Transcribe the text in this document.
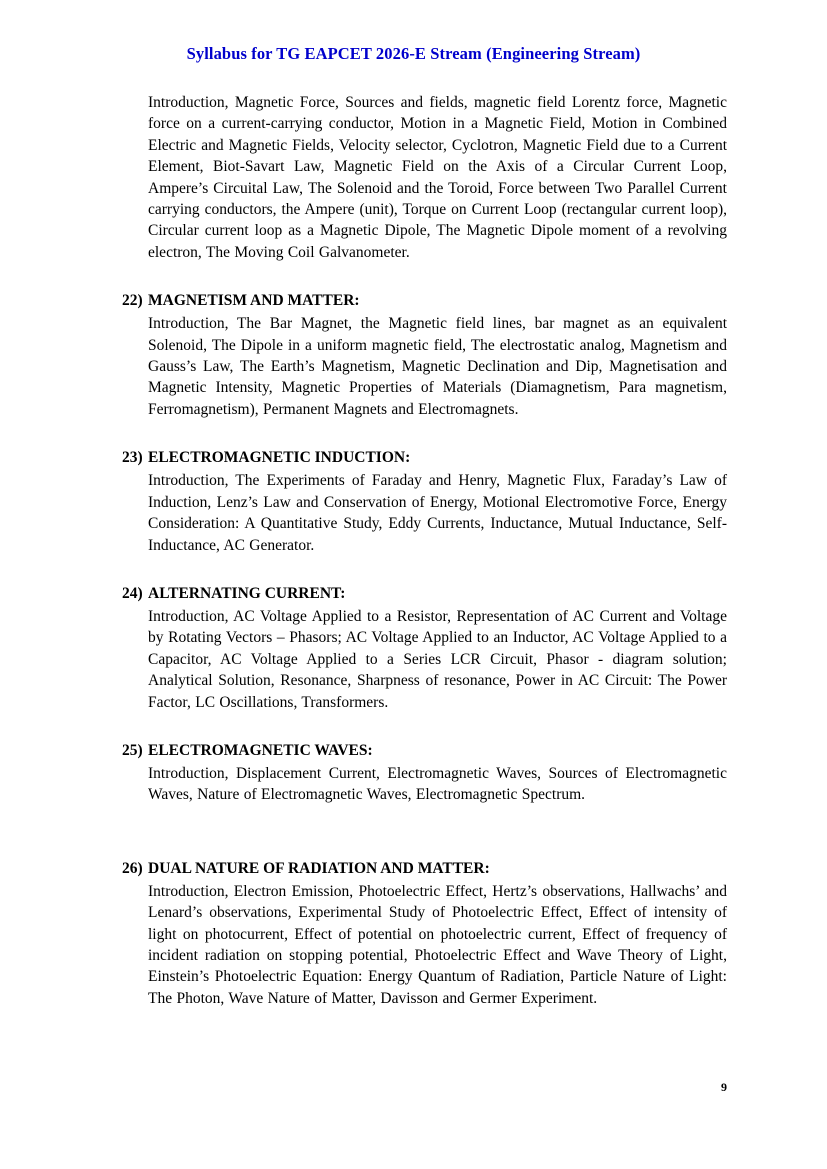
Syllabus for TG EAPCET 2026-E Stream (Engineering Stream)

Introduction, Magnetic Force, Sources and fields, magnetic field Lorentz force, Magnetic force on a current-carrying conductor, Motion in a Magnetic Field, Motion in Combined Electric and Magnetic Fields, Velocity selector, Cyclotron, Magnetic Field due to a Current Element, Biot-Savart Law, Magnetic Field on the Axis of a Circular Current Loop, Ampere’s Circuital Law, The Solenoid and the Toroid, Force between Two Parallel Current carrying conductors, the Ampere (unit), Torque on Current Loop (rectangular current loop), Circular current loop as a Magnetic Dipole, The Magnetic Dipole moment of a revolving electron, The Moving Coil Galvanometer.

22) MAGNETISM AND MATTER:

Introduction, The Bar Magnet, the Magnetic field lines, bar magnet as an equivalent Solenoid, The Dipole in a uniform magnetic field, The electrostatic analog, Magnetism and Gauss’s Law, The Earth’s Magnetism, Magnetic Declination and Dip, Magnetisation and Magnetic Intensity, Magnetic Properties of Materials (Diamagnetism, Para magnetism, Ferromagnetism), Permanent Magnets and Electromagnets.

23) ELECTROMAGNETIC INDUCTION:

Introduction, The Experiments of Faraday and Henry, Magnetic Flux, Faraday’s Law of Induction, Lenz’s Law and Conservation of Energy, Motional Electromotive Force, Energy Consideration: A Quantitative Study, Eddy Currents, Inductance, Mutual Inductance, Self-Inductance, AC Generator.

24) ALTERNATING CURRENT:

Introduction, AC Voltage Applied to a Resistor, Representation of AC Current and Voltage by Rotating Vectors – Phasors; AC Voltage Applied to an Inductor, AC Voltage Applied to a Capacitor, AC Voltage Applied to a Series LCR Circuit, Phasor - diagram solution; Analytical Solution, Resonance, Sharpness of resonance, Power in AC Circuit: The Power Factor, LC Oscillations, Transformers.

25) ELECTROMAGNETIC WAVES:

Introduction, Displacement Current, Electromagnetic Waves, Sources of Electromagnetic Waves, Nature of Electromagnetic Waves, Electromagnetic Spectrum.

26) DUAL NATURE OF RADIATION AND MATTER:

Introduction, Electron Emission, Photoelectric Effect, Hertz’s observations, Hallwachs’ and Lenard’s observations, Experimental Study of Photoelectric Effect, Effect of intensity of light on photocurrent, Effect of potential on photoelectric current, Effect of frequency of incident radiation on stopping potential, Photoelectric Effect and Wave Theory of Light, Einstein’s Photoelectric Equation: Energy Quantum of Radiation, Particle Nature of Light: The Photon, Wave Nature of Matter, Davisson and Germer Experiment.

9
